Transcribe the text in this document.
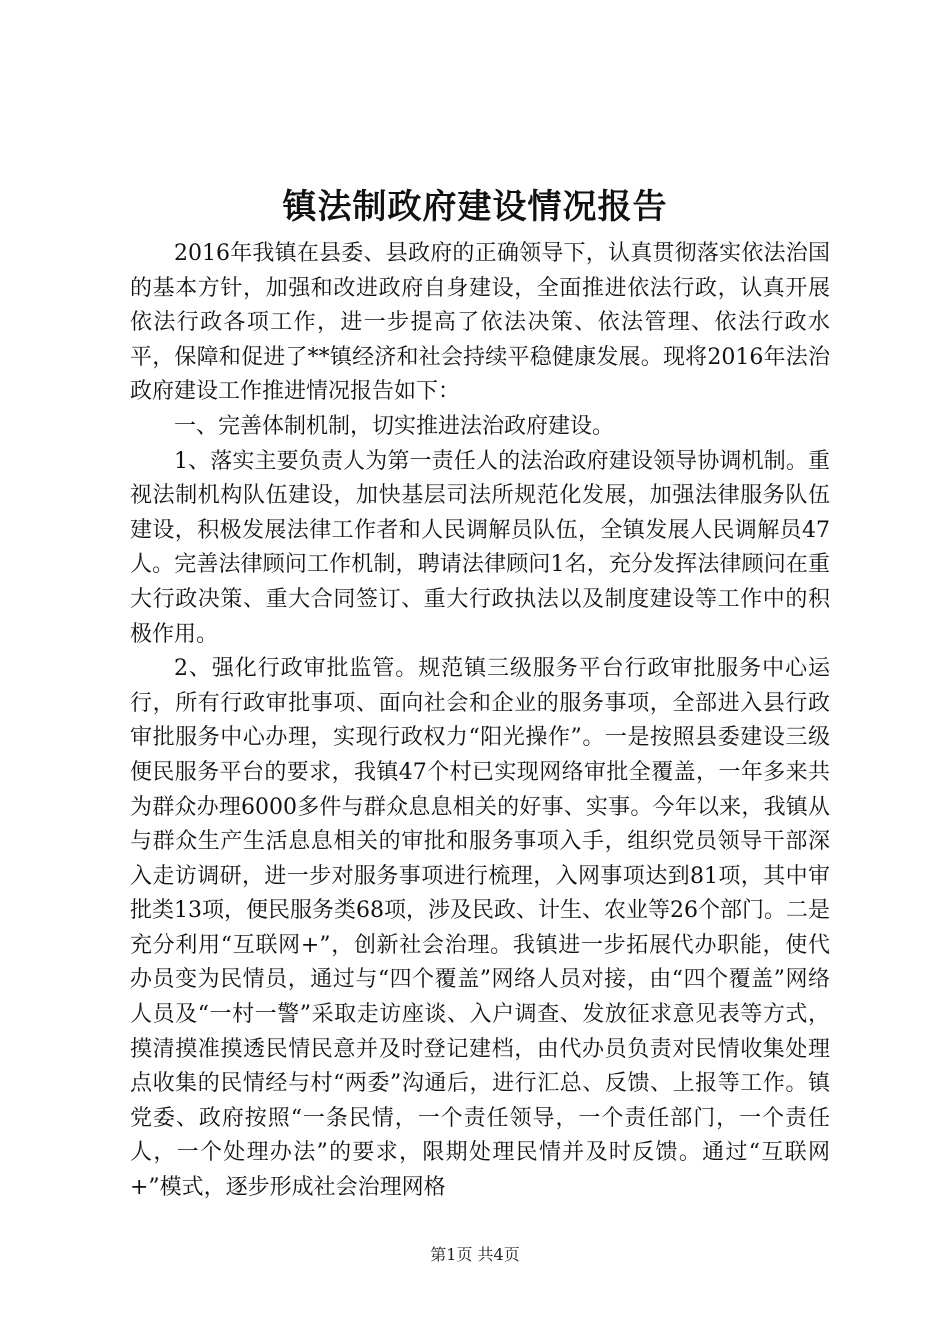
镇法制政府建设情况报告

2016年我镇在县委、县政府的正确领导下，认真贯彻落实依法治国的基本方针，加强和改进政府自身建设，全面推进依法行政，认真开展依法行政各项工作，进一步提高了依法决策、依法管理、依法行政水平，保障和促进了**镇经济和社会持续平稳健康发展。现将2016年法治政府建设工作推进情况报告如下：

一、完善体制机制，切实推进法治政府建设。

1、落实主要负责人为第一责任人的法治政府建设领导协调机制。重视法制机构队伍建设，加快基层司法所规范化发展，加强法律服务队伍建设，积极发展法律工作者和人民调解员队伍，全镇发展人民调解员47人。完善法律顾问工作机制，聘请法律顾问1名，充分发挥法律顾问在重大行政决策、重大合同签订、重大行政执法以及制度建设等工作中的积极作用。

2、强化行政审批监管。规范镇三级服务平台行政审批服务中心运行，所有行政审批事项、面向社会和企业的服务事项，全部进入县行政审批服务中心办理，实现行政权力“阳光操作”。一是按照县委建设三级便民服务平台的要求，我镇47个村已实现网络审批全覆盖，一年多来共为群众办理6000多件与群众息息相关的好事、实事。今年以来，我镇从与群众生产生活息息相关的审批和服务事项入手，组织党员领导干部深入走访调研，进一步对服务事项进行梳理，入网事项达到81项，其中审批类13项，便民服务类68项，涉及民政、计生、农业等26个部门。二是充分利用“互联网+”，创新社会治理。我镇进一步拓展代办职能，使代办员变为民情员，通过与“四个覆盖”网络人员对接，由“四个覆盖”网络人员及“一村一警”采取走访座谈、入户调查、发放征求意见表等方式，摸清摸准摸透民情民意并及时登记建档，由代办员负责对民情收集处理点收集的民情经与村“两委”沟通后，进行汇总、反馈、上报等工作。镇党委、政府按照“一条民情，一个责任领导，一个责任部门，一个责任人，一个处理办法”的要求，限期处理民情并及时反馈。通过“互联网+”模式，逐步形成社会治理网格

第1页 共4页
